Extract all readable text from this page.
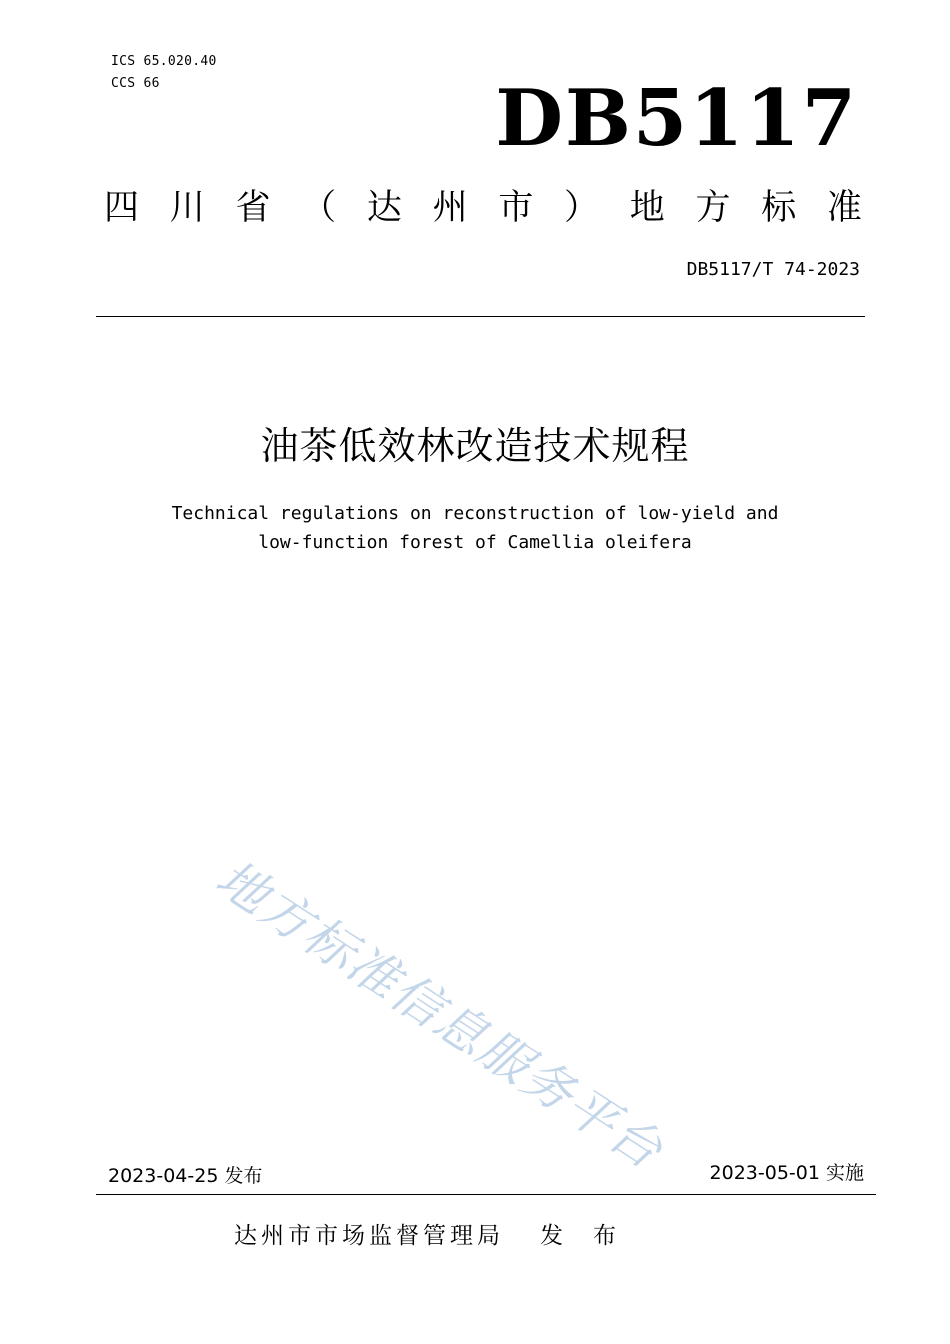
ICS 65.020.40
CCS 66	DB5117
四 川 省 （ 达 州 市 ） 地 方 标 准
DB5117/T 74-2023
油茶低效林改造技术规程
Technical regulations on reconstruction of low-yield and
low-function forest of Camellia oleifera
地方标准信息服务平台
2023-04-25 发布	2023-05-01 实施
达州市市场监督管理局 发 布
